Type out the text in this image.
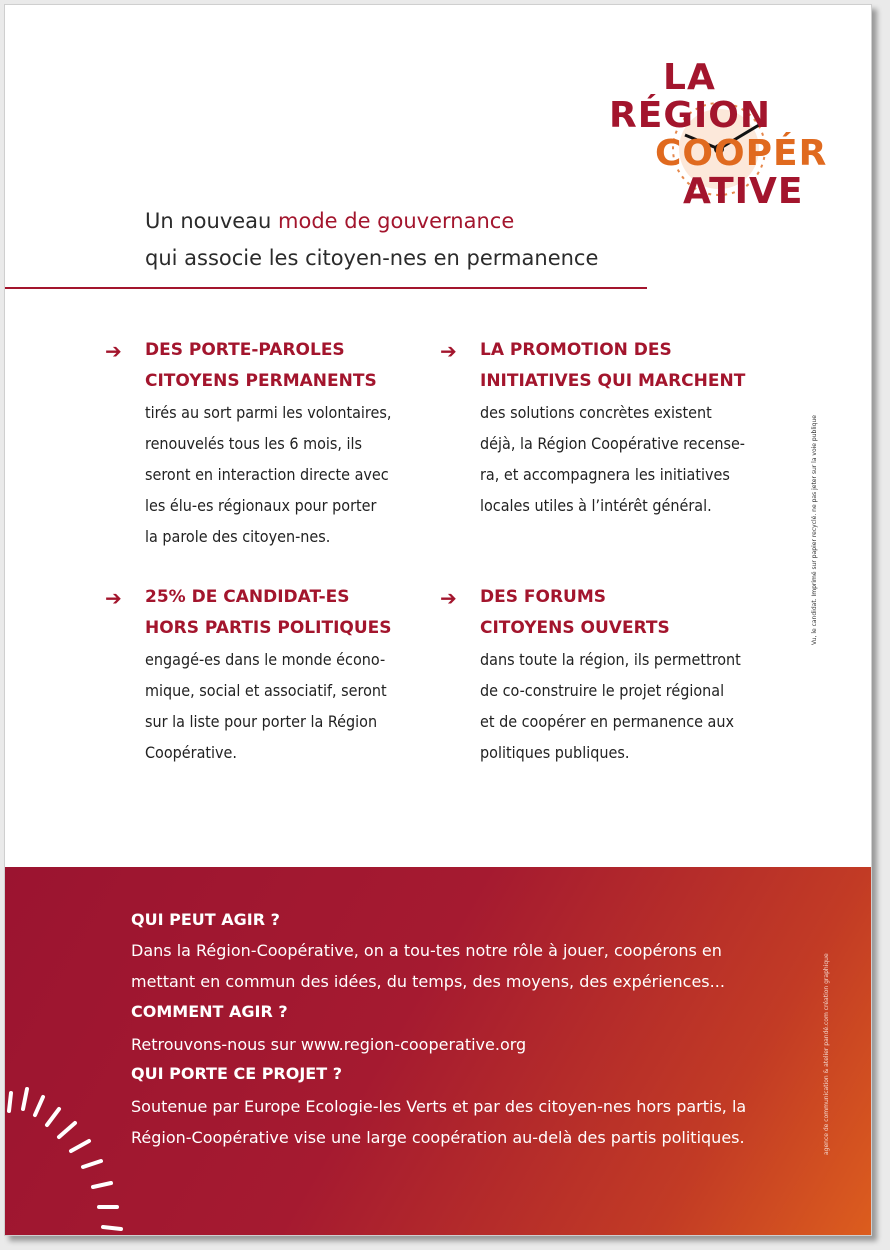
LA
RÉGION
COOPÉR
ATIVE
Un nouveau mode de gouvernance
qui associe les citoyen-nes en permanence
➔ DES PORTE-PAROLES
CITOYENS PERMANENTS
tirés au sort parmi les volontaires,
renouvelés tous les 6 mois, ils
seront en interaction directe avec
les élu-es régionaux pour porter
la parole des citoyen-nes.
➔ LA PROMOTION DES
INITIATIVES QUI MARCHENT
des solutions concrètes existent
déjà, la Région Coopérative recense-
ra, et accompagnera les initiatives
locales utiles à l’intérêt général.
➔ 25% DE CANDIDAT-ES
HORS PARTIS POLITIQUES
engagé-es dans le monde écono-
mique, social et associatif, seront
sur la liste pour porter la Région
Coopérative.
➔ DES FORUMS
CITOYENS OUVERTS
dans toute la région, ils permettront
de co-construire le projet régional
et de coopérer en permanence aux
politiques publiques.
Vu, le candidat. Imprimé sur papier recyclé. ne pas jeter sur la voie publique
QUI PEUT AGIR ?
Dans la Région-Coopérative, on a tou-tes notre rôle à jouer, coopérons en
mettant en commun des idées, du temps, des moyens, des expériences...
COMMENT AGIR ?
Retrouvons-nous sur www.region-cooperative.org
QUI PORTE CE PROJET ?
Soutenue par Europe Ecologie-les Verts et par des citoyen-nes hors partis, la
Région-Coopérative vise une large coopération au-delà des partis politiques.	agence de communication & atelier pandé.com création graphique
